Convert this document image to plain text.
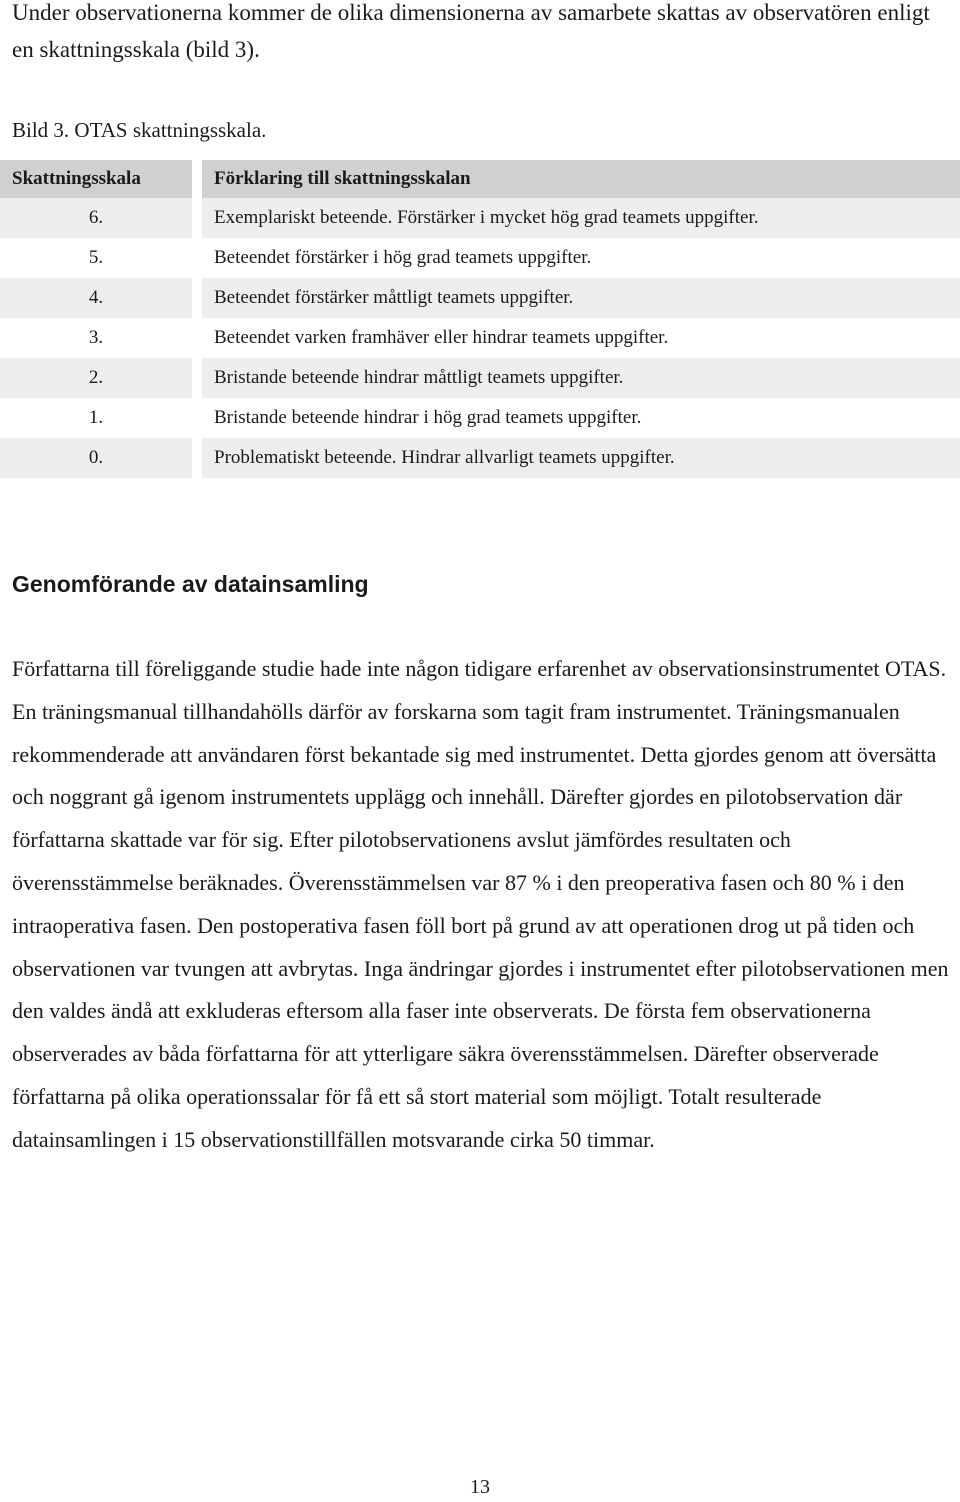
Under observationerna kommer de olika dimensionerna av samarbete skattas av observatören enligt en skattningsskala (bild 3).

Bild 3. OTAS skattningsskala.

Skattningsskala	Förklaring till skattningsskalan
6.	Exemplariskt beteende. Förstärker i mycket hög grad teamets uppgifter.
5.	Beteendet förstärker i hög grad teamets uppgifter.
4.	Beteendet förstärker måttligt teamets uppgifter.
3.	Beteendet varken framhäver eller hindrar teamets uppgifter.
2.	Bristande beteende hindrar måttligt teamets uppgifter.
1.	Bristande beteende hindrar i hög grad teamets uppgifter.
0.	Problematiskt beteende. Hindrar allvarligt teamets uppgifter.
Genomförande av datainsamling

Författarna till föreliggande studie hade inte någon tidigare erfarenhet av observationsinstrumentet OTAS. En träningsmanual tillhandahölls därför av forskarna som tagit fram instrumentet. Träningsmanualen rekommenderade att användaren först bekantade sig med instrumentet. Detta gjordes genom att översätta och noggrant gå igenom instrumentets upplägg och innehåll. Därefter gjordes en pilotobservation där författarna skattade var för sig. Efter pilotobservationens avslut jämfördes resultaten och överensstämmelse beräknades. Överensstämmelsen var 87 % i den preoperativa fasen och 80 % i den intraoperativa fasen. Den postoperativa fasen föll bort på grund av att operationen drog ut på tiden och observationen var tvungen att avbrytas. Inga ändringar gjordes i instrumentet efter pilotobservationen men den valdes ändå att exkluderas eftersom alla faser inte observerats. De första fem observationerna observerades av båda författarna för att ytterligare säkra överensstämmelsen. Därefter observerade författarna på olika operationssalar för få ett så stort material som möjligt. Totalt resulterade datainsamlingen i 15 observationstillfällen motsvarande cirka 50 timmar.

13
